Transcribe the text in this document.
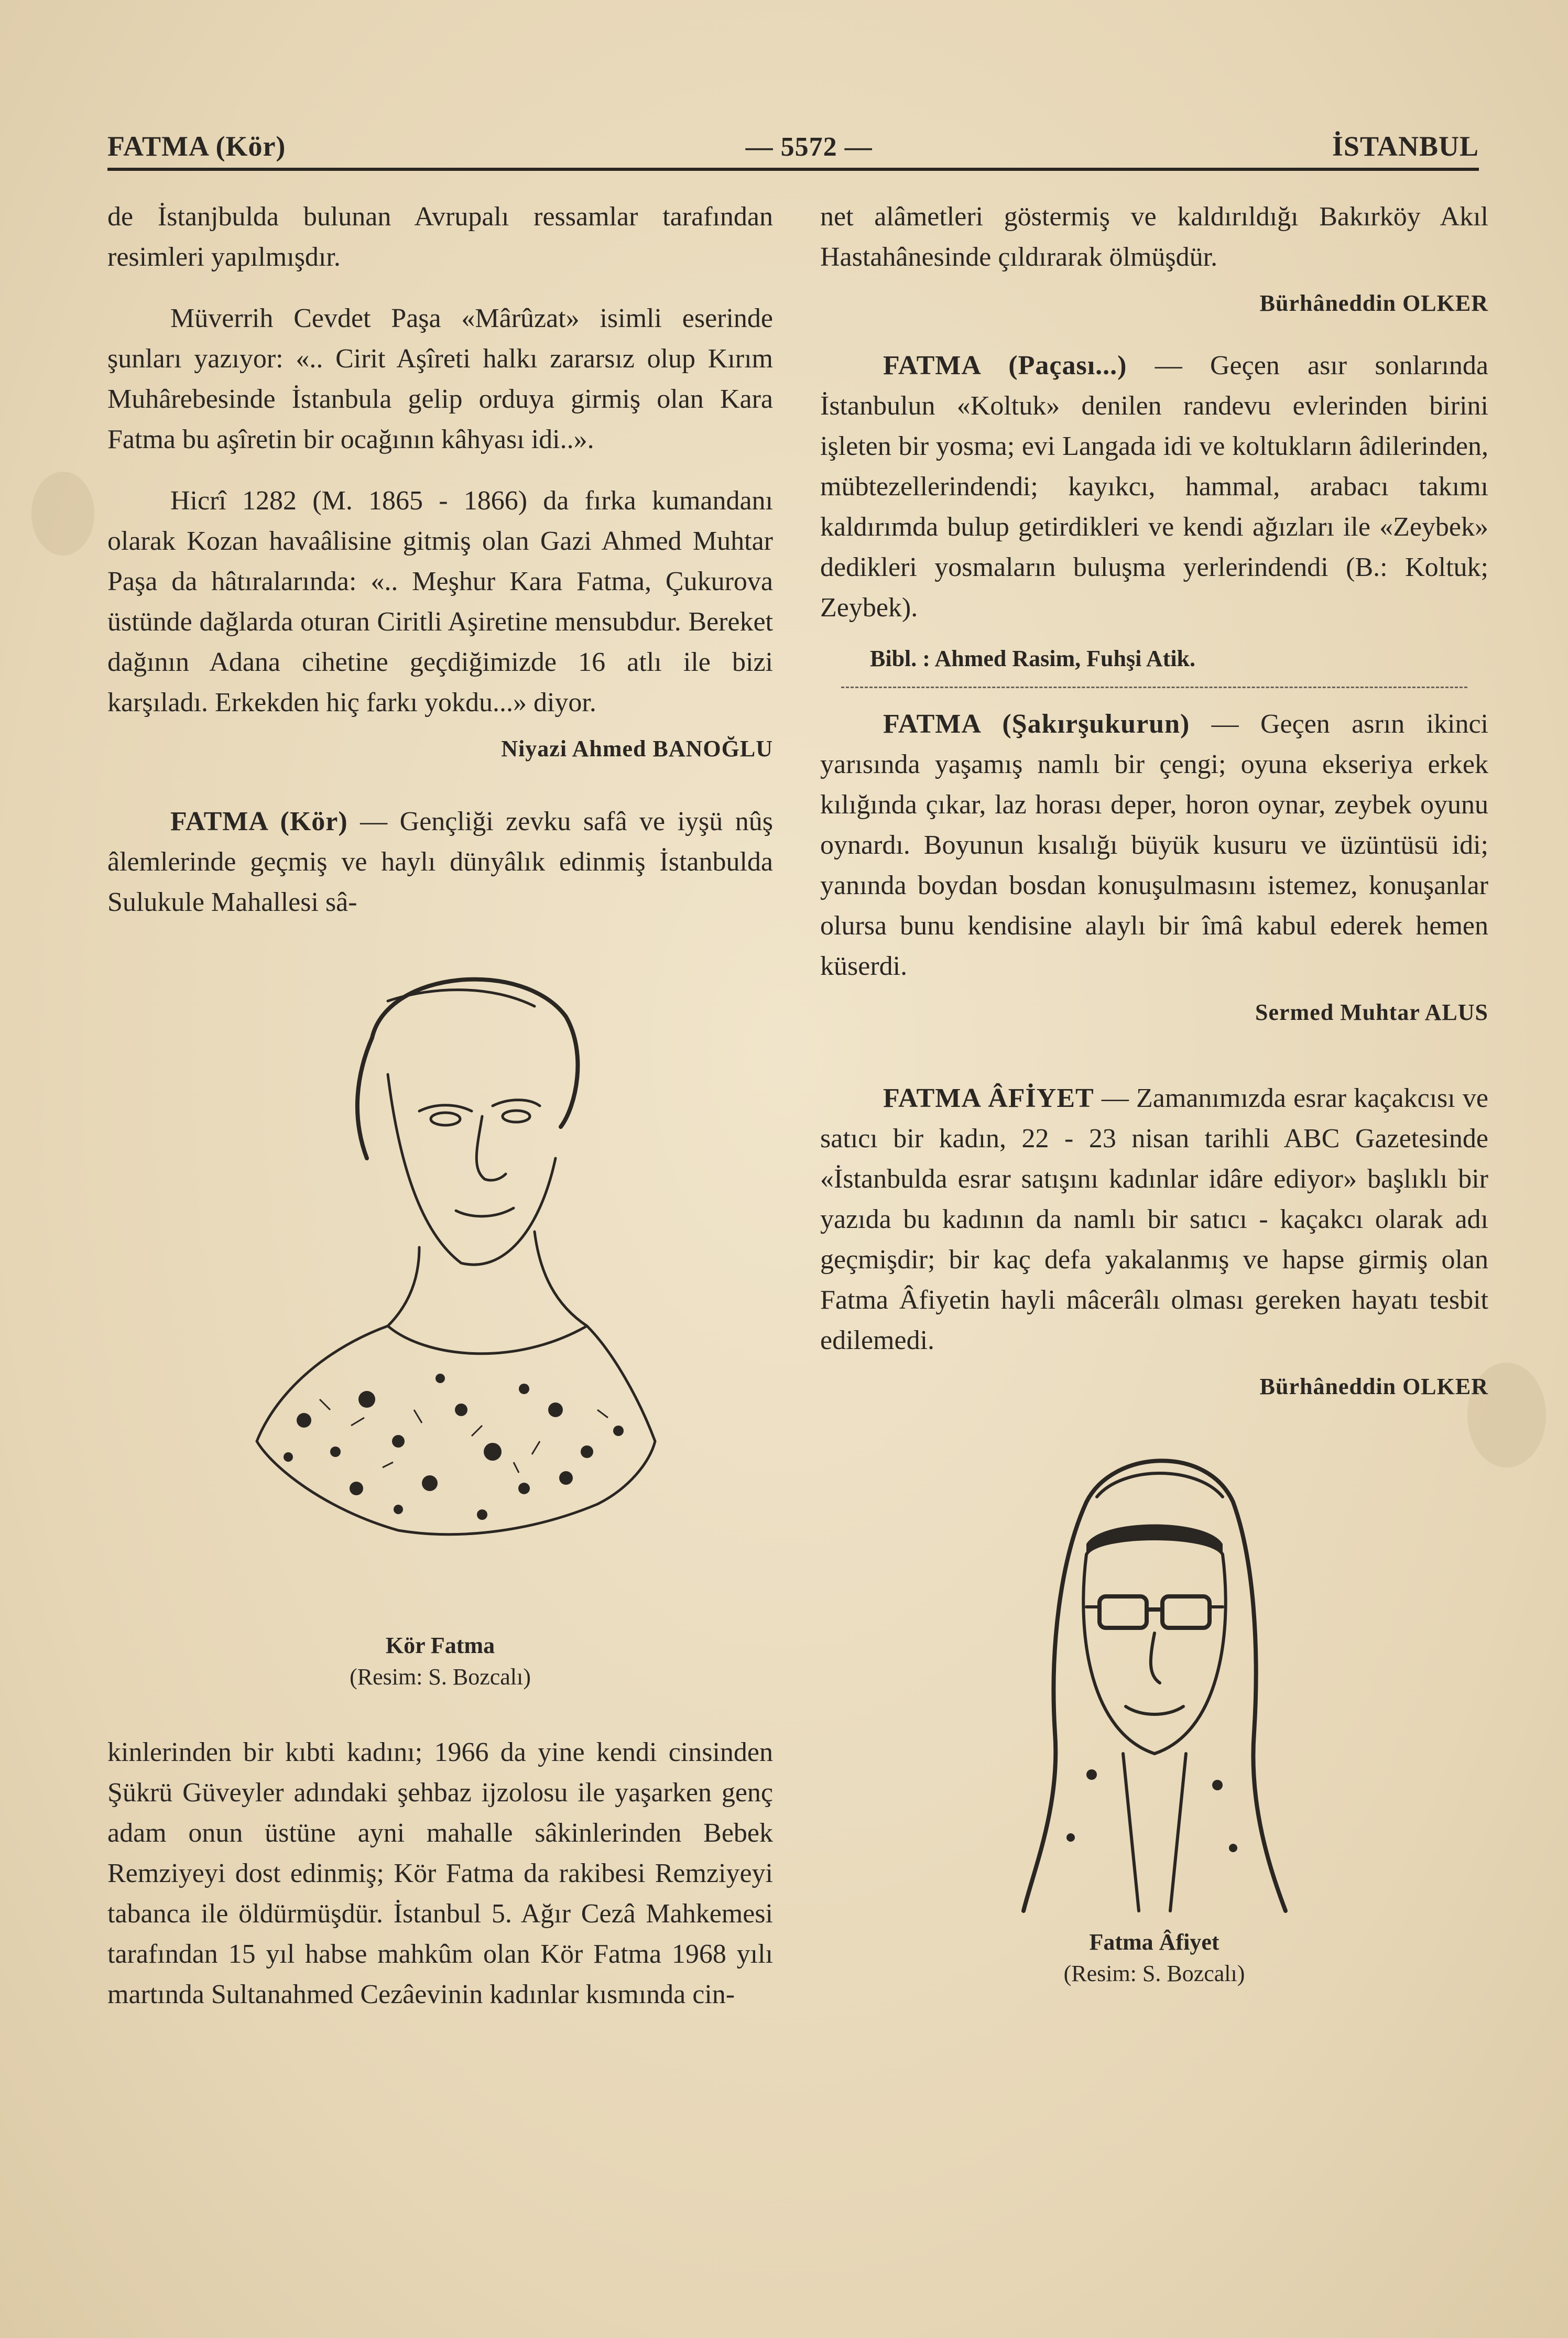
FATMA (Kör)	— 5572 —	İSTANBUL

de İstanjbulda bulunan Avrupalı ressamlar tarafından resimleri yapılmışdır.

Müverrih Cevdet Paşa «Mârûzat» isimli eserinde şunları yazıyor: «.. Cirit Aşîreti halkı zararsız olup Kırım Muhârebesinde İstanbula gelip orduya girmiş olan Kara Fatma bu aşîretin bir ocağının kâhyası idi..».

Hicrî 1282 (M. 1865 - 1866) da fırka kumandanı olarak Kozan havaâlisine gitmiş olan Gazi Ahmed Muhtar Paşa da hâtıralarında: «.. Meşhur Kara Fatma, Çukurova üstünde dağlarda oturan Ciritli Aşiretine mensubdur. Bereket dağının Adana cihetine geçdiğimizde 16 atlı ile bizi karşıladı. Erkekden hiç farkı yokdu...» diyor.

Niyazi Ahmed BANOĞLU

FATMA (Kör) — Gençliği zevku safâ ve iyşü nûş âlemlerinde geçmiş ve haylı dünyâlık edinmiş İstanbulda Sulukule Mahallesi sâ-

Kör Fatma
(Resim: S. Bozcalı)

kinlerinden bir kıbti kadını; 1966 da yine kendi cinsinden Şükrü Güveyler adındaki şehbaz ijzolosu ile yaşarken genç adam onun üstüne ayni mahalle sâkinlerinden Bebek Remziyeyi dost edinmiş; Kör Fatma da rakibesi Remziyeyi tabanca ile öldürmüşdür. İstanbul 5. Ağır Cezâ Mahkemesi tarafından 15 yıl habse mahkûm olan Kör Fatma 1968 yılı martında Sultanahmed Cezâevinin kadınlar kısmında cin-

net alâmetleri göstermiş ve kaldırıldığı Bakırköy Akıl Hastahânesinde çıldırarak ölmüşdür.

Bürhâneddin OLKER

FATMA (Paçası...) — Geçen asır sonlarında İstanbulun «Koltuk» denilen randevu evlerinden birini işleten bir yosma; evi Langada idi ve koltukların âdilerinden, mübtezellerindendi; kayıkcı, hammal, arabacı takımı kaldırımda bulup getirdikleri ve kendi ağızları ile «Zeybek» dedikleri yosmaların buluşma yerlerindendi (B.: Koltuk; Zeybek).

Bibl. : Ahmed Rasim, Fuhşi Atik.

FATMA (Şakırşukurun) — Geçen asrın ikinci yarısında yaşamış namlı bir çengi; oyuna ekseriya erkek kılığında çıkar, laz horası deper, horon oynar, zeybek oyunu oynardı. Boyunun kısalığı büyük kusuru ve üzüntüsü idi; yanında boydan bosdan konuşulmasını istemez, konuşanlar olursa bunu kendisine alaylı bir îmâ kabul ederek hemen küserdi.

Sermed Muhtar ALUS

FATMA ÂFİYET — Zamanımızda esrar kaçakcısı ve satıcı bir kadın, 22 - 23 nisan tarihli ABC Gazetesinde «İstanbulda esrar satışını kadınlar idâre ediyor» başlıklı bir yazıda bu kadının da namlı bir satıcı - kaçakcı olarak adı geçmişdir; bir kaç defa yakalanmış ve hapse girmiş olan Fatma Âfiyetin hayli mâcerâlı olması gereken hayatı tesbit edilemedi.

Bürhâneddin OLKER
Fatma Âfiyet
(Resim: S. Bozcalı)
